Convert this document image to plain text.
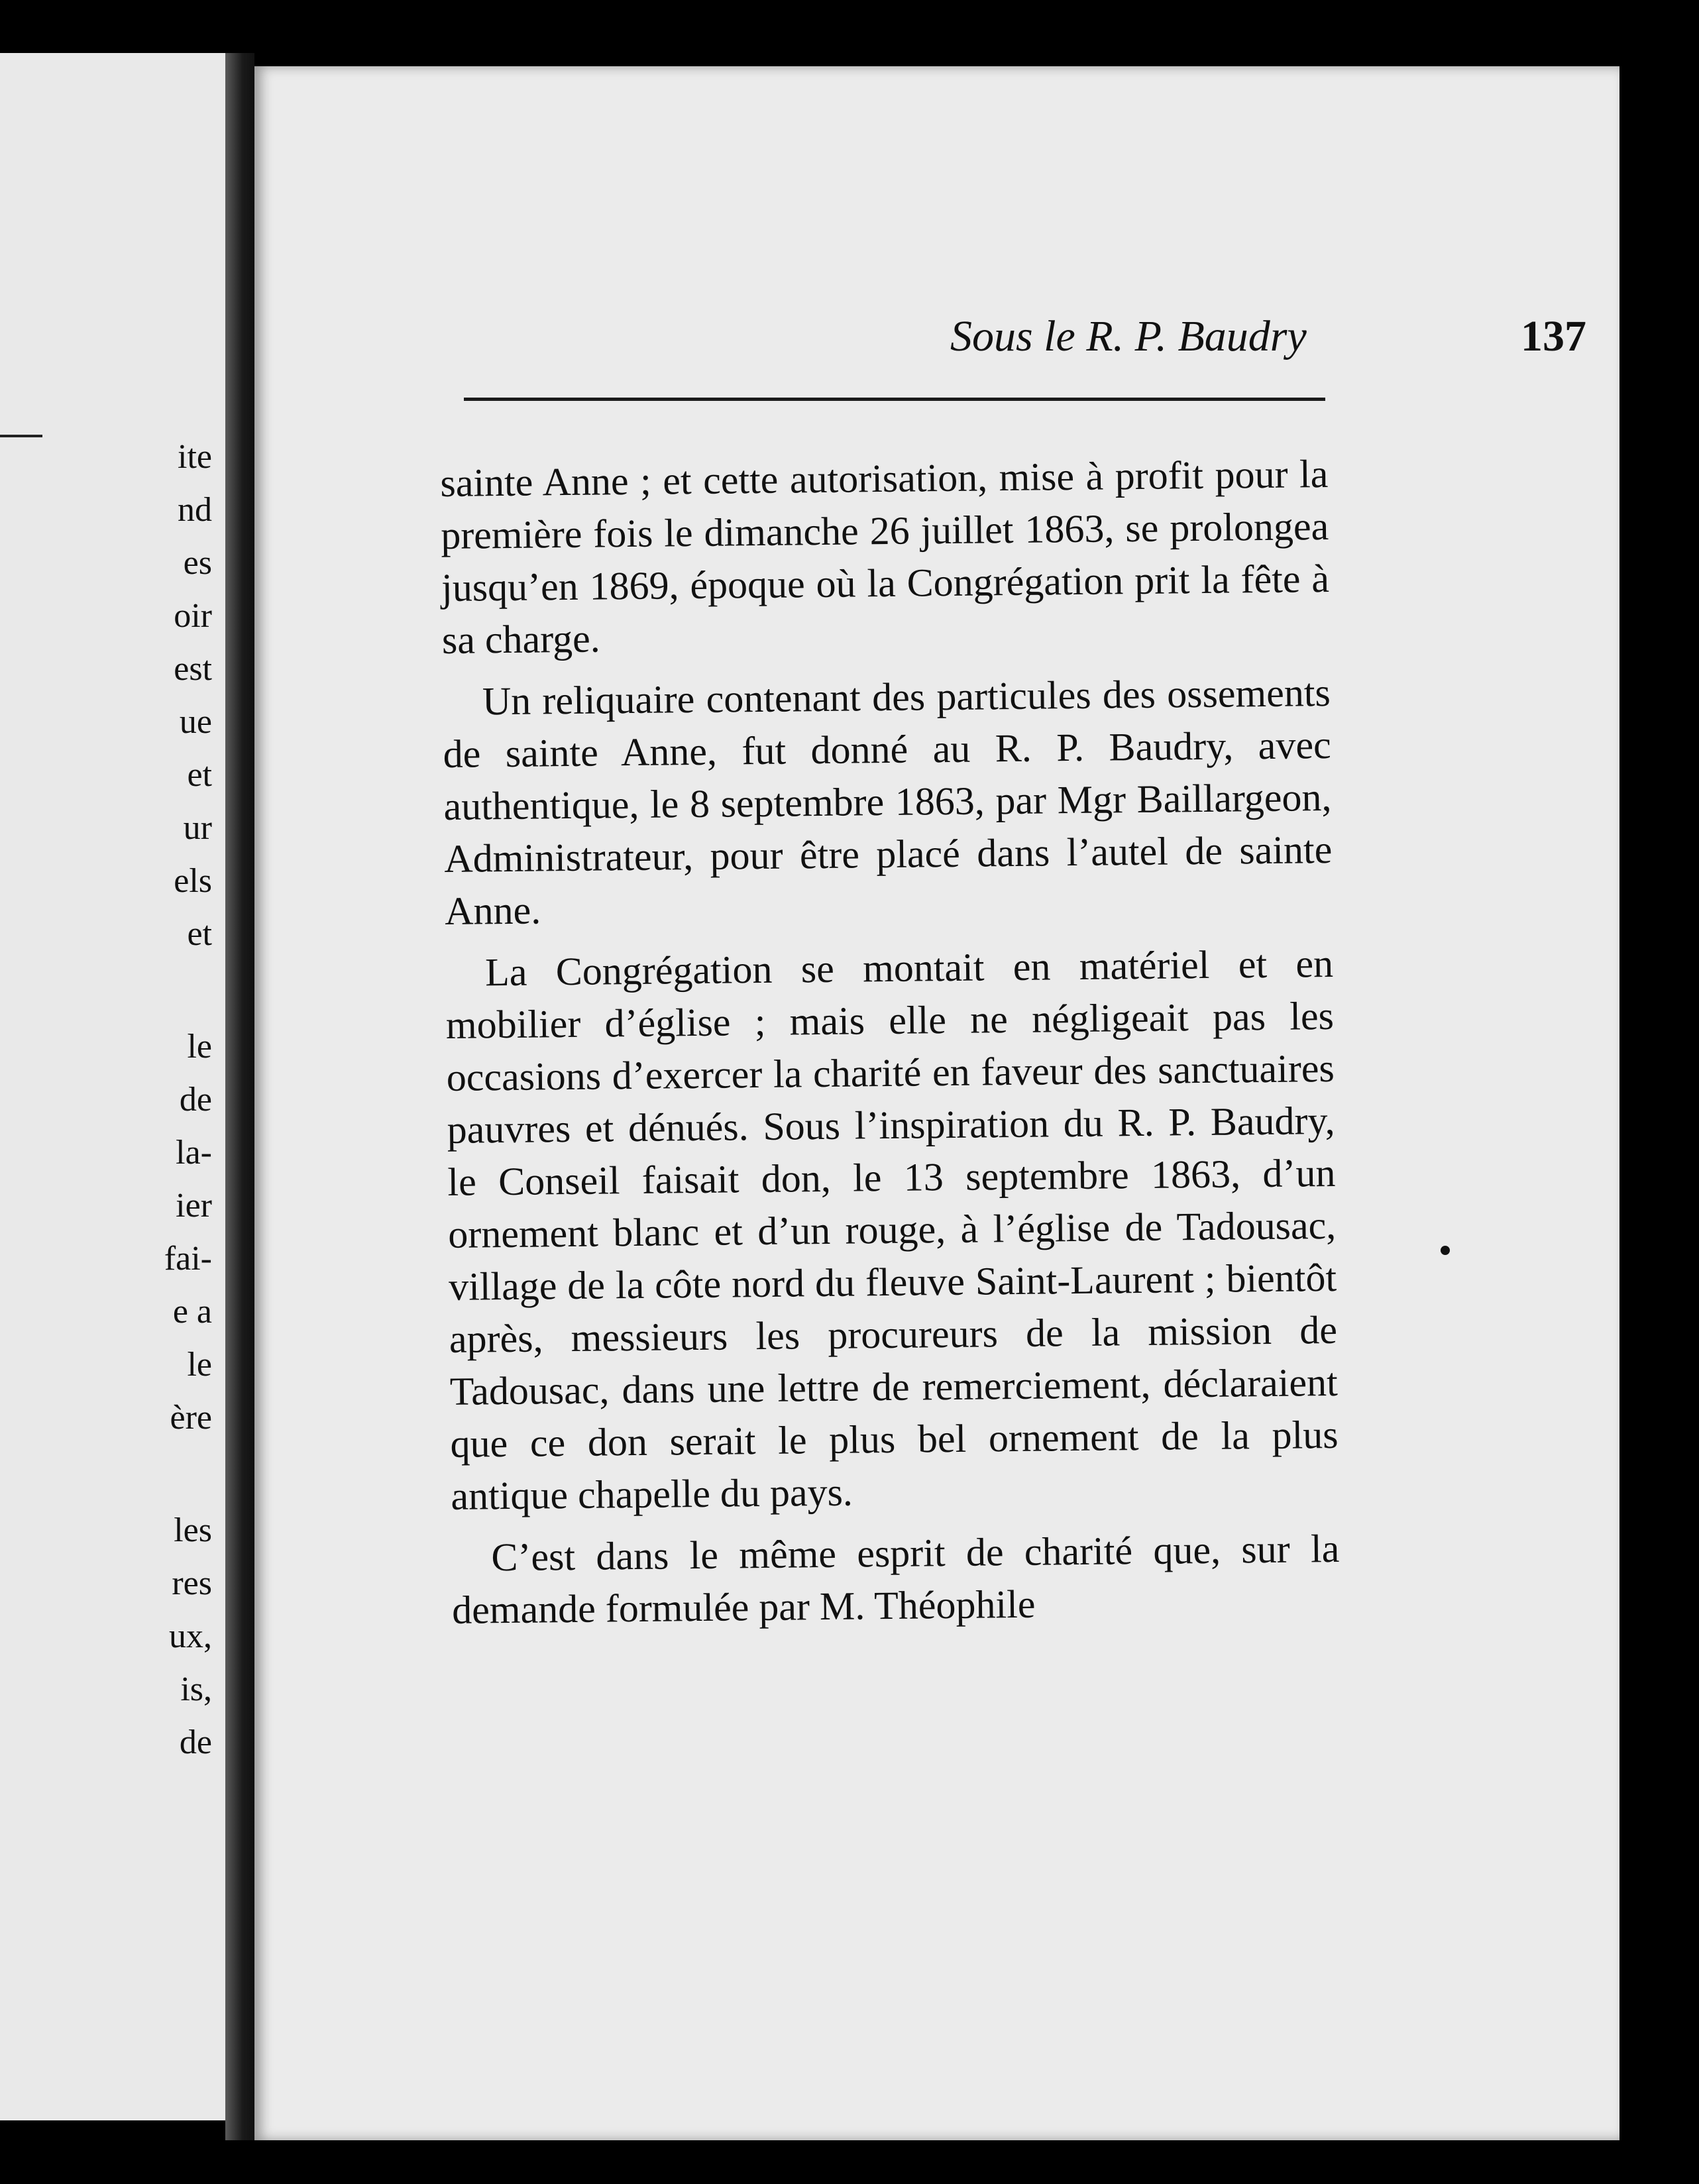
ite
nd
es
oir
est
ue
et
ur
els
et
le
de
la-
ier
fai-
e a
le
ère
les
res
ux,
is,
de
Sous le R. P. Baudry	137

sainte Anne ; et cette autorisation, mise à profit pour la première fois le dimanche 26 juillet 1863, se prolongea jusqu’en 1869, époque où la Congrégation prit la fête à sa charge.

Un reliquaire contenant des particules des ossements de sainte Anne, fut donné au R. P. Baudry, avec authentique, le 8 septembre 1863, par Mgr Baillargeon, Administrateur, pour être placé dans l’autel de sainte Anne.

La Congrégation se montait en matériel et en mobilier d’église ; mais elle ne négligeait pas les occasions d’exercer la charité en faveur des sanctuaires pauvres et dénués. Sous l’inspiration du R. P. Baudry, le Conseil faisait don, le 13 septembre 1863, d’un ornement blanc et d’un rouge, à l’église de Tadousac, village de la côte nord du fleuve Saint-Laurent ; bientôt après, messieurs les procureurs de la mission de Tadousac, dans une lettre de remerciement, déclaraient que ce don serait le plus bel ornement de la plus antique chapelle du pays.

C’est dans le même esprit de charité que, sur la demande formulée par M. Théophile
